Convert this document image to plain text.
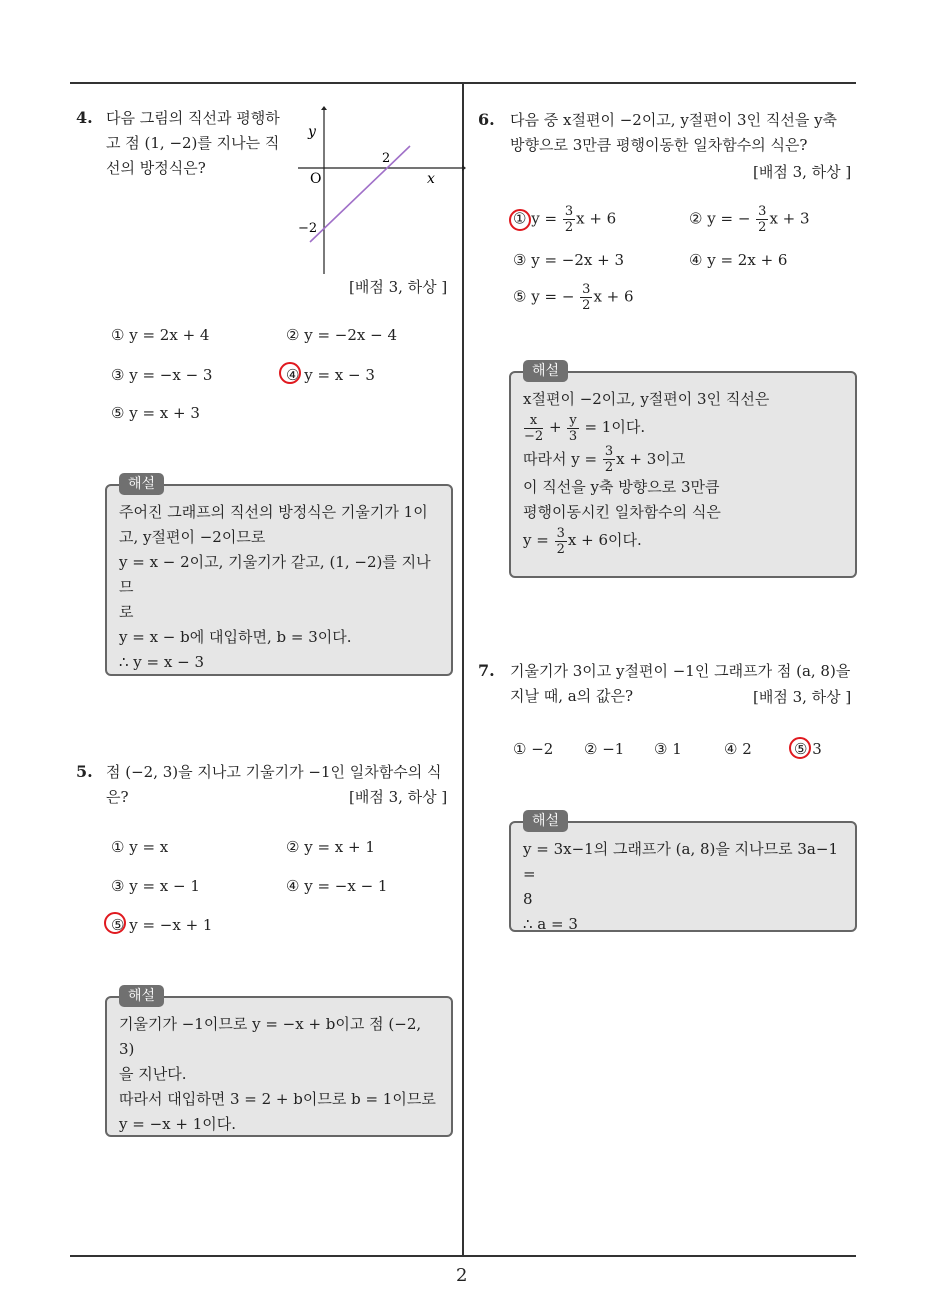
2
4. 다음 그림의 직선과 평행하
고 점 (1, −2)를 지나는 직
선의 방정식은?
y
x
O
2
−2
[배점 3, 하상 ]
① y = 2x + 4	② y = −2x − 4
③ y = −x − 3	④ y = x − 3
⑤ y = x + 3
주어진 그래프의 직선의 방정식은 기울기가 1이
고, y절편이 −2이므로
y = x − 2이고, 기울기가 같고, (1, −2)를 지나므
로
y = x − b에 대입하면, b = 3이다.
∴ y = x − 3
해설
5. 점 (−2, 3)을 지나고 기울기가 −1인 일차함수의 식
은?	[배점 3, 하상 ]
① y = x	② y = x + 1
③ y = x − 1	④ y = −x − 1
⑤ y = −x + 1
기울기가 −1이므로 y = −x + b이고 점 (−2, 3)
을 지난다.
따라서 대입하면 3 = 2 + b이므로 b = 1이므로
y = −x + 1이다.
해설
6. 다음 중 x절편이 −2이고, y절편이 3인 직선을 y축
방향으로 3만큼 평행이동한 일차함수의 식은?
[배점 3, 하상 ]
① $y = \frac{3}{2}$ x + 6	② y = − $\frac{3}{2}$ x + 3
③ y = −2x + 3	④ y = 2x + 6
⑤ y = − $\frac{3}{2}$ x + 6
x절편이 −2이고, y절편이 3인 직선은
$\frac{x}{-2} + \frac{y}{3} = 1$이다.
따라서 $y = \frac{3}{2}$ x + 3이고
이 직선을 y축 방향으로 3만큼
평행이동시킨 일차함수의 식은
$y = \frac{3}{2}$ x + 6이다.
해설
7. 기울기가 3이고 y절편이 −1인 그래프가 점 (a, 8)을
지날 때, a의 값은?	[배점 3, 하상 ]
① −2 ② −1 ③ 1	④ 2	⑤ 3
y = 3x−1의 그래프가 (a, 8)을 지나므로 3a−1 =
8
∴ a = 3
해설
